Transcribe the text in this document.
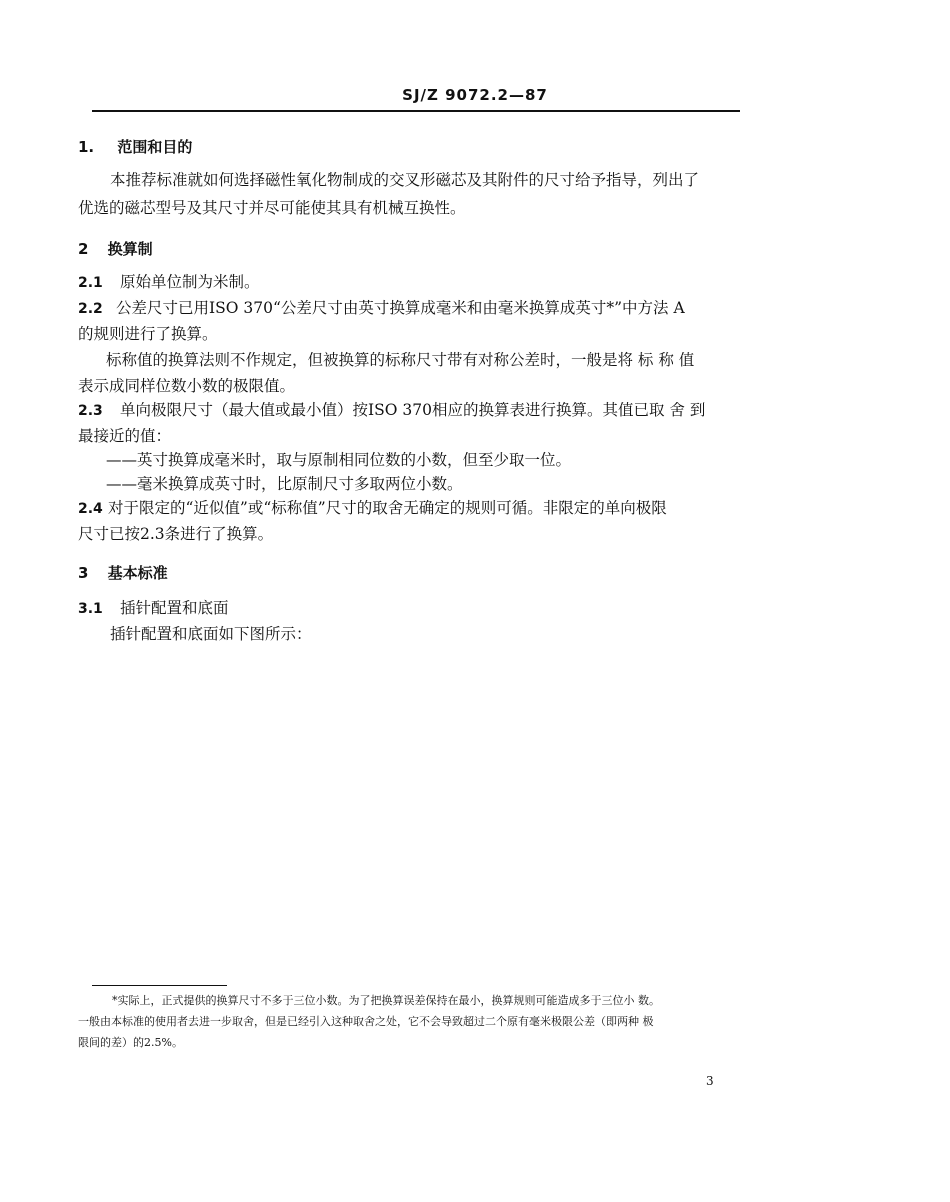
SJ/Z 9072.2—87
1. 范围和目的
本推荐标准就如何选择磁性氧化物制成的交叉形磁芯及其附件的尺寸给予指导，列出了
优选的磁芯型号及其尺寸并尽可能使其具有机械互换性。
2 换算制
2.1 原始单位制为米制。
2.2 公差尺寸已用ISO 370“公差尺寸由英寸换算成毫米和由毫米换算成英寸*”中方法 A
的规则进行了换算。
标称值的换算法则不作规定，但被换算的标称尺寸带有对称公差时，一般是将 标 称 值
表示成同样位数小数的极限值。
2.3 单向极限尺寸（最大值或最小值）按ISO 370相应的换算表进行换算。其值已取 舍 到
最接近的值：
——英寸换算成毫米时，取与原制相同位数的小数，但至少取一位。
——毫米换算成英寸时，比原制尺寸多取两位小数。
2.4 对于限定的“近似值”或“标称值”尺寸的取舍无确定的规则可循。非限定的单向极限
尺寸已按2.3条进行了换算。
3 基本标准
3.1 插针配置和底面
插针配置和底面如下图所示：
*实际上，正式提供的换算尺寸不多于三位小数。为了把换算误差保持在最小，换算规则可能造成多于三位小 数。
一般由本标准的使用者去进一步取舍，但是已经引入这种取舍之处，它不会导致超过二个原有毫米极限公差（即两种 极
限间的差）的2.5%。
3
